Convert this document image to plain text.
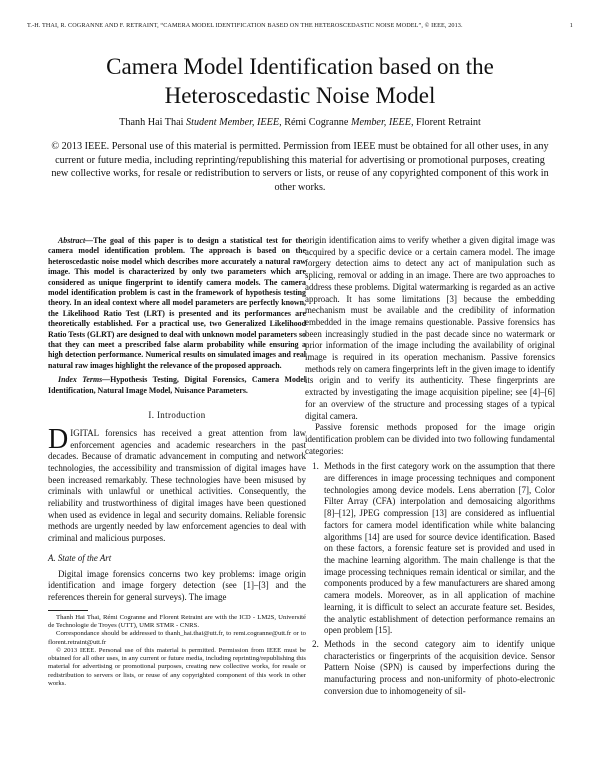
T.-H. THAI, R. COGRANNE AND F. RETRAINT, “CAMERA MODEL IDENTIFICATION BASED ON THE HETEROSCEDASTIC NOISE MODEL”, © IEEE, 2013.	1
Camera Model Identification based on the Heteroscedastic Noise Model
Thanh Hai Thai Student Member, IEEE, Rémi Cogranne Member, IEEE, Florent Retraint
© 2013 IEEE. Personal use of this material is permitted. Permission from IEEE must be obtained for all other uses, in any current or future media, including reprinting/republishing this material for advertising or promotional purposes, creating new collective works, for resale or redistribution to servers or lists, or reuse of any copyrighted component of this work in other works.

Abstract—The goal of this paper is to design a statistical test for the camera model identification problem. The approach is based on the heteroscedastic noise model which describes more accurately a natural raw image. This model is characterized by only two parameters which are considered as unique fingerprint to identify camera models. The camera model identification problem is cast in the framework of hypothesis testing theory. In an ideal context where all model parameters are perfectly known, the Likelihood Ratio Test (LRT) is presented and its performances are theoretically established. For a practical use, two Generalized Likelihood Ratio Tests (GLRT) are designed to deal with unknown model parameters so that they can meet a prescribed false alarm probability while ensuring a high detection performance. Numerical results on simulated images and real natural raw images highlight the relevance of the proposed approach.

Index Terms—Hypothesis Testing, Digital Forensics, Camera Model Identification, Natural Image Model, Nuisance Parameters.

I. Introduction

DIGITAL forensics has received a great attention from law enforcement agencies and academic researchers in the past decades. Because of dramatic advancement in computing and network technologies, the accessibility and transmission of digital images have been increased remarkably. These technologies have been misused by criminals with unlawful or unethical activities. Consequently, the reliability and trustworthiness of digital images have been questioned when used as evidence in legal and security domains. Reliable forensic methods are urgently needed by law enforcement agencies to deal with criminal and malicious purposes.

A. State of the Art

Digital image forensics concerns two key problems: image origin identification and image forgery detection (see [1]–[3] and the references therein for general surveys). The image

Thanh Hai Thai, Rémi Cogranne and Florent Retraint are with the ICD - LM2S, Université de Technologie de Troyes (UTT), UMR STMR - CNRS.

Correspondance should be addressed to thanh_hai.thai@utt.fr, to remi.cogranne@utt.fr or to florent.retraint@utt.fr

© 2013 IEEE. Personal use of this material is permitted. Permission from IEEE must be obtained for all other uses, in any current or future media, including reprinting/republishing this material for advertising or promotional purposes, creating new collective works, for resale or redistribution to servers or lists, or reuse of any copyrighted component of this work in other works.

origin identification aims to verify whether a given digital image was acquired by a specific device or a certain camera model. The image forgery detection aims to detect any act of manipulation such as splicing, removal or adding in an image. There are two approaches to address these problems. Digital watermarking is regarded as an active approach. It has some limitations [3] because the embedding mechanism must be available and the credibility of information embedded in the image remains questionable. Passive forensics has been increasingly studied in the past decade since no watermark or prior information of the image including the availability of original image is required in its operation mechanism. Passive forensics methods rely on camera fingerprints left in the given image to identify its origin and to verify its authenticity. These fingerprints are extracted by investigating the image acquisition pipeline; see [4]–[6] for an overview of the structure and processing stages of a typical digital camera.

Passive forensic methods proposed for the image origin identification problem can be divided into two following fundamental categories:

1. Methods in the first category work on the assumption that there are differences in image processing techniques and component technologies among device models. Lens aberration [7], Color Filter Array (CFA) interpolation and demosaicing algorithms [8]–[12], JPEG compression [13] are considered as influential factors for camera model identification while white balancing algorithms [14] are used for source device identification. Based on these factors, a forensic feature set is provided and used in the machine learning algorithm. The main challenge is that the image processing techniques remain identical or similar, and the components produced by a few manufacturers are shared among camera models. Moreover, as in all application of machine learning, it is difficult to select an accurate feature set. Besides, the analytic establishment of detection performance remains an open problem [15].
2. Methods in the second category aim to identify unique characteristics or fingerprints of the acquisition device. Sensor Pattern Noise (SPN) is caused by imperfections during the manufacturing process and non-uniformity of photo-electronic conversion due to inhomogeneity of sil-
